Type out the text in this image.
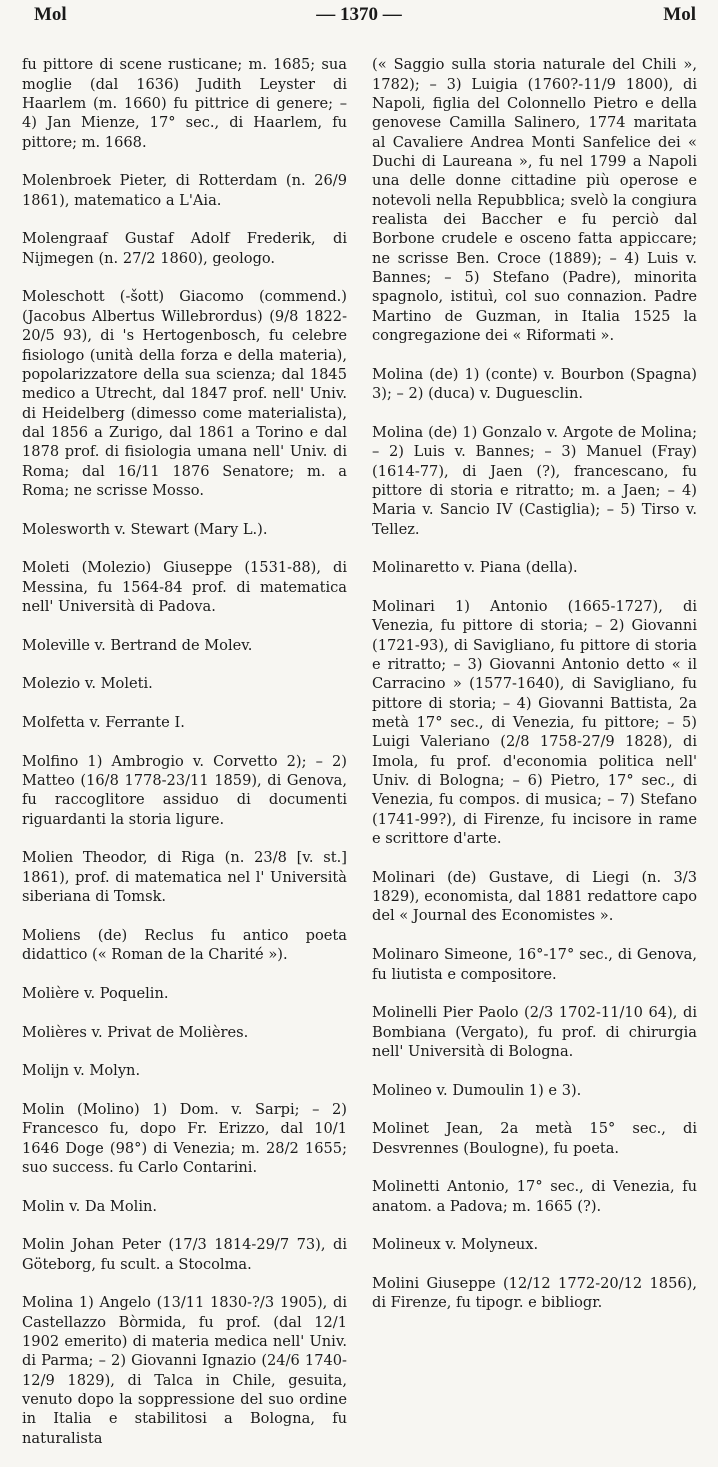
Mol	— 1370 —	Mol

fu pittore di scene rusticane; m. 1685; sua moglie (dal 1636) Judith Leyster di Haarlem (m. 1660) fu pittrice di genere; – 4) Jan Mienze, 17° sec., di Haarlem, fu pittore; m. 1668.

Molenbroek Pieter, di Rotterdam (n. 26/9 1861), matematico a L'Aia.

Molengraaf Gustaf Adolf Frederik, di Nijmegen (n. 27/2 1860), geologo.

Moleschott (-šott) Giacomo (commend.) (Jacobus Albertus Willebrordus) (9/8 1822-20/5 93), di 's Hertogenbosch, fu celebre fisiologo (unità della forza e della materia), popolarizzatore della sua scienza; dal 1845 medico a Utrecht, dal 1847 prof. nell' Univ. di Heidelberg (dimesso come materialista), dal 1856 a Zurigo, dal 1861 a Torino e dal 1878 prof. di fisiologia umana nell' Univ. di Roma; dal 16/11 1876 Senatore; m. a Roma; ne scrisse Mosso.

Molesworth v. Stewart (Mary L.).

Moleti (Molezio) Giuseppe (1531-88), di Messina, fu 1564-84 prof. di matematica nell' Università di Padova.

Moleville v. Bertrand de Molev.

Molezio v. Moleti.

Molfetta v. Ferrante I.

Molfino 1) Ambrogio v. Corvetto 2); – 2) Matteo (16/8 1778-23/11 1859), di Genova, fu raccoglitore assiduo di documenti riguardanti la storia ligure.

Molien Theodor, di Riga (n. 23/8 [v. st.] 1861), prof. di matematica nel l' Università siberiana di Tomsk.

Moliens (de) Reclus fu antico poeta didattico (« Roman de la Charité »).

Molière v. Poquelin.

Molières v. Privat de Molières.

Molijn v. Molyn.

Molin (Molino) 1) Dom. v. Sarpi; – 2) Francesco fu, dopo Fr. Erizzo, dal 10/1 1646 Doge (98°) di Venezia; m. 28/2 1655; suo success. fu Carlo Contarini.

Molin v. Da Molin.

Molin Johan Peter (17/3 1814-29/7 73), di Göteborg, fu scult. a Stocolma.

Molina 1) Angelo (13/11 1830-?/3 1905), di Castellazzo Bòrmida, fu prof. (dal 12/1 1902 emerito) di materia medica nell' Univ. di Parma; – 2) Giovanni Ignazio (24/6 1740-12/9 1829), di Talca in Chile, gesuita, venuto dopo la soppressione del suo ordine in Italia e stabilitosi a Bologna, fu naturalista

(« Saggio sulla storia naturale del Chili », 1782); – 3) Luigia (1760?-11/9 1800), di Napoli, figlia del Colonnello Pietro e della genovese Camilla Salinero, 1774 maritata al Cavaliere Andrea Monti Sanfelice dei « Duchi di Laureana », fu nel 1799 a Napoli una delle donne cittadine più operose e notevoli nella Repubblica; svelò la congiura realista dei Baccher e fu perciò dal Borbone crudele e osceno fatta appiccare; ne scrisse Ben. Croce (1889); – 4) Luis v. Bannes; – 5) Stefano (Padre), minorita spagnolo, istituì, col suo connazion. Padre Martino de Guzman, in Italia 1525 la congregazione dei « Riformati ».

Molina (de) 1) (conte) v. Bourbon (Spagna) 3); – 2) (duca) v. Duguesclin.

Molina (de) 1) Gonzalo v. Argote de Molina; – 2) Luis v. Bannes; – 3) Manuel (Fray) (1614-77), di Jaen (?), francescano, fu pittore di storia e ritratto; m. a Jaen; – 4) Maria v. Sancio IV (Castiglia); – 5) Tirso v. Tellez.

Molinaretto v. Piana (della).

Molinari 1) Antonio (1665-1727), di Venezia, fu pittore di storia; – 2) Giovanni (1721-93), di Savigliano, fu pittore di storia e ritratto; – 3) Giovanni Antonio detto « il Carracino » (1577-1640), di Savigliano, fu pittore di storia; – 4) Giovanni Battista, 2a metà 17° sec., di Venezia, fu pittore; – 5) Luigi Valeriano (2/8 1758-27/9 1828), di Imola, fu prof. d'economia politica nell' Univ. di Bologna; – 6) Pietro, 17° sec., di Venezia, fu compos. di musica; – 7) Stefano (1741-99?), di Firenze, fu incisore in rame e scrittore d'arte.

Molinari (de) Gustave, di Liegi (n. 3/3 1829), economista, dal 1881 redattore capo del « Journal des Economistes ».

Molinaro Simeone, 16°-17° sec., di Genova, fu liutista e compositore.

Molinelli Pier Paolo (2/3 1702-11/10 64), di Bombiana (Vergato), fu prof. di chirurgia nell' Università di Bologna.

Molineo v. Dumoulin 1) e 3).

Molinet Jean, 2a metà 15° sec., di Desvrennes (Boulogne), fu poeta.

Molinetti Antonio, 17° sec., di Venezia, fu anatom. a Padova; m. 1665 (?).

Molineux v. Molyneux.

Molini Giuseppe (12/12 1772-20/12 1856), di Firenze, fu tipogr. e bibliogr.
